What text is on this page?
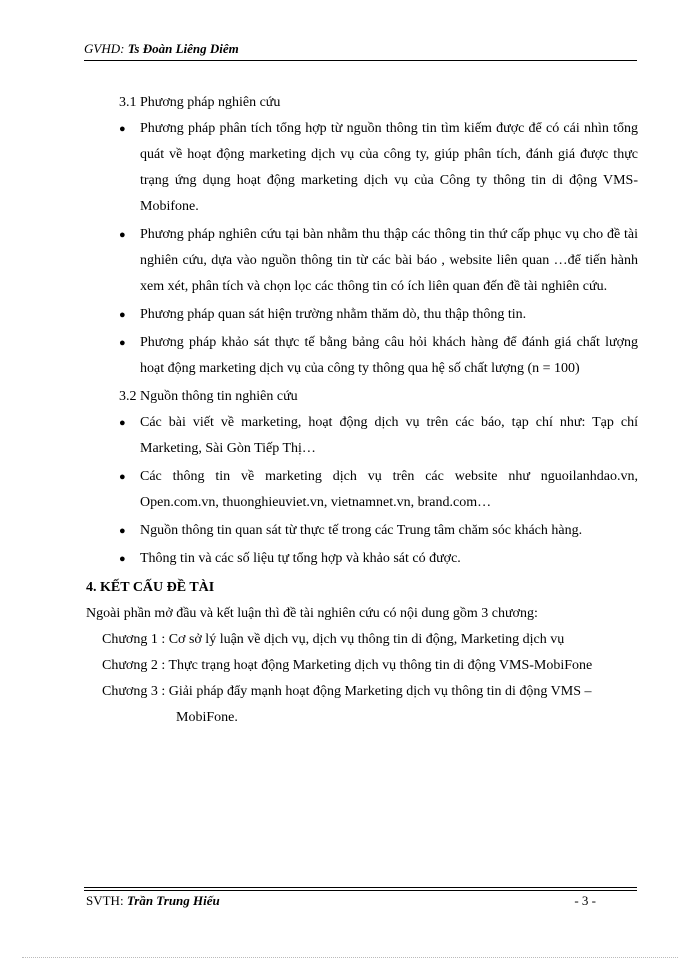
GVHD: Ts Đoàn Liêng Diêm

3.1 Phương pháp nghiên cứu

● Phương pháp phân tích tổng hợp từ nguồn thông tin tìm kiếm được để có cái nhìn tổng quát về hoạt động marketing dịch vụ của công ty, giúp phân tích, đánh giá được thực trạng ứng dụng hoạt động marketing dịch vụ của Công ty thông tin di động VMS-Mobifone.
● Phương pháp nghiên cứu tại bàn nhằm thu thập các thông tin thứ cấp phục vụ cho đề tài nghiên cứu, dựa vào nguồn thông tin từ các bài báo , website liên quan …để tiến hành xem xét, phân tích và chọn lọc các thông tin có ích liên quan đến đề tài nghiên cứu.
● Phương pháp quan sát hiện trường nhằm thăm dò, thu thập thông tin.
● Phương pháp khảo sát thực tế bằng bảng câu hỏi khách hàng để đánh giá chất lượng hoạt động marketing dịch vụ của công ty thông qua hệ số chất lượng (n = 100)

3.2 Nguồn thông tin nghiên cứu

● Các bài viết về marketing, hoạt động dịch vụ trên các báo, tạp chí như: Tạp chí Marketing, Sài Gòn Tiếp Thị…
● Các thông tin về marketing dịch vụ trên các website như nguoilanhdao.vn, Open.com.vn, thuonghieuviet.vn, vietnamnet.vn, brand.com…
● Nguồn thông tin quan sát từ thực tế trong các Trung tâm chăm sóc khách hàng.
● Thông tin và các số liệu tự tổng hợp và khảo sát có được.
4. KẾT CẤU ĐỀ TÀI

Ngoài phần mở đầu và kết luận thì đề tài nghiên cứu có nội dung gồm 3 chương:

Chương 1 : Cơ sở lý luận về dịch vụ, dịch vụ thông tin di động, Marketing dịch vụ

Chương 2 : Thực trạng hoạt động Marketing dịch vụ thông tin di động VMS-MobiFone

Chương 3 : Giải pháp đẩy mạnh hoạt động Marketing dịch vụ thông tin di động VMS –

MobiFone.

SVTH: Trần Trung Hiếu	- 3 -
